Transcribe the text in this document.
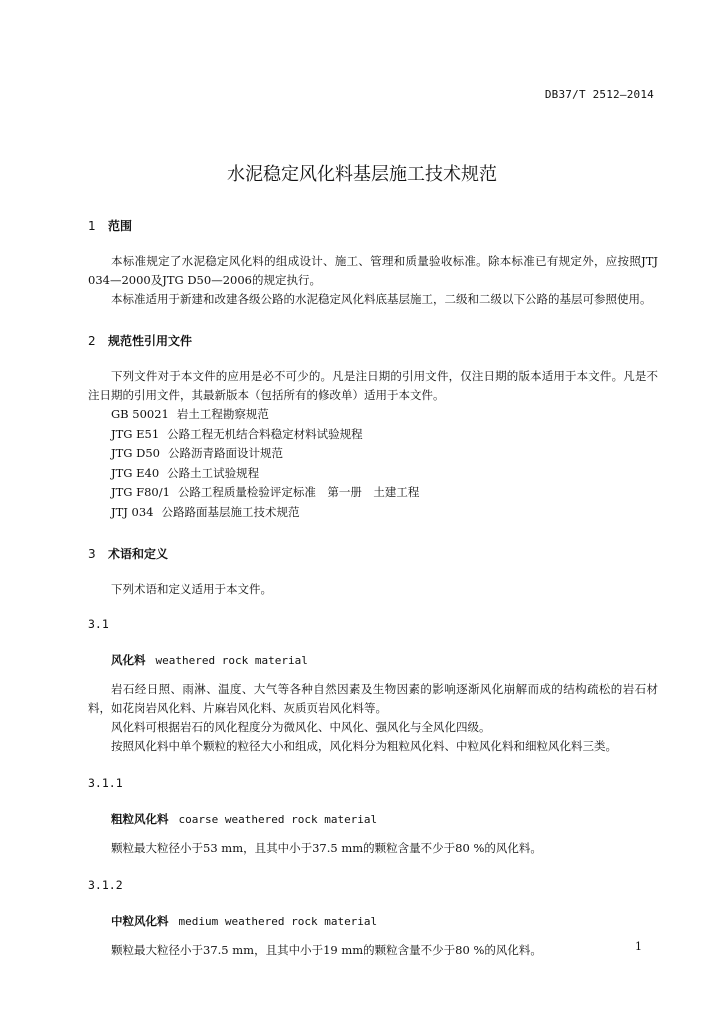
DB37/T 2512—2014
水泥稳定风化料基层施工技术规范
1 范围

本标准规定了水泥稳定风化料的组成设计、施工、管理和质量验收标准。除本标准已有规定外，应按照JTJ 034—2000及JTG D50—2006的规定执行。

本标准适用于新建和改建各级公路的水泥稳定风化料底基层施工，二级和二级以下公路的基层可参照使用。

2 规范性引用文件

下列文件对于本文件的应用是必不可少的。凡是注日期的引用文件，仅注日期的版本适用于本文件。凡是不注日期的引用文件，其最新版本（包括所有的修改单）适用于本文件。

GB 50021 岩土工程勘察规范

JTG E51 公路工程无机结合料稳定材料试验规程

JTG D50 公路沥青路面设计规范

JTG E40 公路土工试验规程

JTG F80/1 公路工程质量检验评定标准　第一册　土建工程

JTJ 034 公路路面基层施工技术规范

3 术语和定义

下列术语和定义适用于本文件。

3.1

风化料 weathered rock material

岩石经日照、雨淋、温度、大气等各种自然因素及生物因素的影响逐渐风化崩解而成的结构疏松的岩石材料，如花岗岩风化料、片麻岩风化料、灰质页岩风化料等。

风化料可根据岩石的风化程度分为微风化、中风化、强风化与全风化四级。

按照风化料中单个颗粒的粒径大小和组成，风化料分为粗粒风化料、中粒风化料和细粒风化料三类。

3.1.1

粗粒风化料 coarse weathered rock material

颗粒最大粒径小于53 mm，且其中小于37.5 mm的颗粒含量不少于80 %的风化料。

3.1.2

中粒风化料 medium weathered rock material

颗粒最大粒径小于37.5 mm，且其中小于19 mm的颗粒含量不少于80 %的风化料。	1
